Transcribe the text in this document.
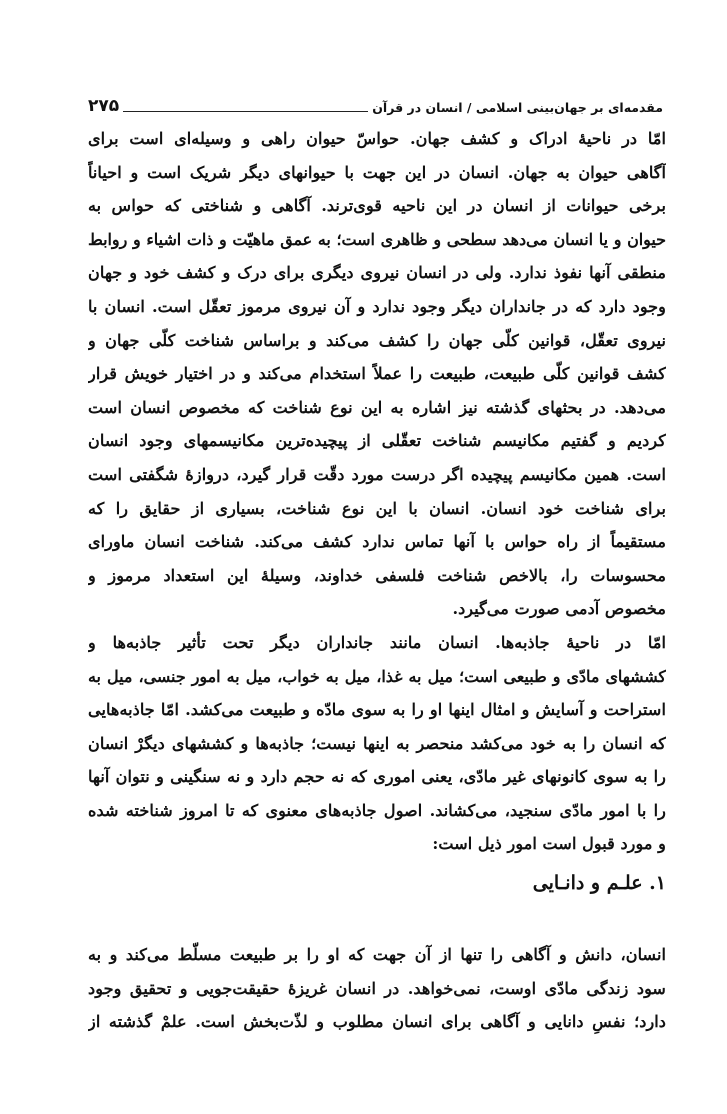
مقدمه‌ای بر جهان‌بینی اسلامی / انسان در قرآن
۲۷۵
امّا در ناحیهٔ ادراک و کشف جهان. حواسّ حیوان راهی و وسیله‌ای است برای
آگاهی حیوان به جهان. انسان در این جهت با حیوانهای دیگر شریک است و احیاناً
برخی حیوانات از انسان در این ناحیه قوی‌ترند. آگاهی و شناختی که حواس به
حیوان و یا انسان می‌دهد سطحی و ظاهری است؛ به عمق ماهیّت و ذات اشیاء و روابط
منطقی آنها نفوذ ندارد. ولی در انسان نیروی دیگری برای درک و کشف خود و جهان
وجود دارد که در جانداران دیگر وجود ندارد و آن نیروی مرموز تعقّل است. انسان با
نیروی تعقّل، قوانین کلّی جهان را کشف می‌کند و براساس شناخت کلّی جهان و
کشف قوانین کلّی طبیعت، طبیعت را عملاً استخدام می‌کند و در اختیار خویش قرار
می‌دهد. در بحثهای گذشته نیز اشاره به این نوع شناخت که مخصوص انسان است
کردیم و گفتیم مکانیسم شناخت تعقّلی از پیچیده‌ترین مکانیسمهای وجود انسان
است. همین مکانیسم پیچیده اگر درست مورد دقّت قرار گیرد، دروازهٔ شگفتی است
برای شناخت خود انسان. انسان با این نوع شناخت، بسیاری از حقایق را که
مستقیماً از راه حواس با آنها تماس ندارد کشف می‌کند. شناخت انسان ماورای
محسوسات را، بالاخص شناخت فلسفی خداوند، وسیلهٔ این استعداد مرموز و
مخصوص آدمی صورت می‌گیرد.
امّا در ناحیهٔ جاذبه‌ها. انسان مانند جانداران دیگر تحت تأثیر جاذبه‌ها و
کششهای مادّی و طبیعی است؛ میل به غذا، میل به خواب، میل به امور جنسی، میل به
استراحت و آسایش و امثال اینها او را به سوی مادّه و طبیعت می‌کشد. امّا جاذبه‌هایی
که انسان را به خود می‌کشد منحصر به اینها نیست؛ جاذبه‌ها و کششهای دیگرْ انسان
را به سوی کانونهای غیر مادّی، یعنی اموری که نه حجم دارد و نه سنگینی و نتوان آنها
را با امور مادّی سنجید، می‌کشاند. اصول جاذبه‌های معنوی که تا امروز شناخته شده
و مورد قبول است امور ذیل است:
۱. علـم و دانـایی
انسان، دانش و آگاهی را تنها از آن جهت که او را بر طبیعت مسلّط می‌کند و به
سود زندگی مادّی اوست، نمی‌خواهد. در انسان غریزهٔ حقیقت‌جویی و تحقیق وجود
دارد؛ نفسِ دانایی و آگاهی برای انسان مطلوب و لذّت‌بخش است. علمْ گذشته از
